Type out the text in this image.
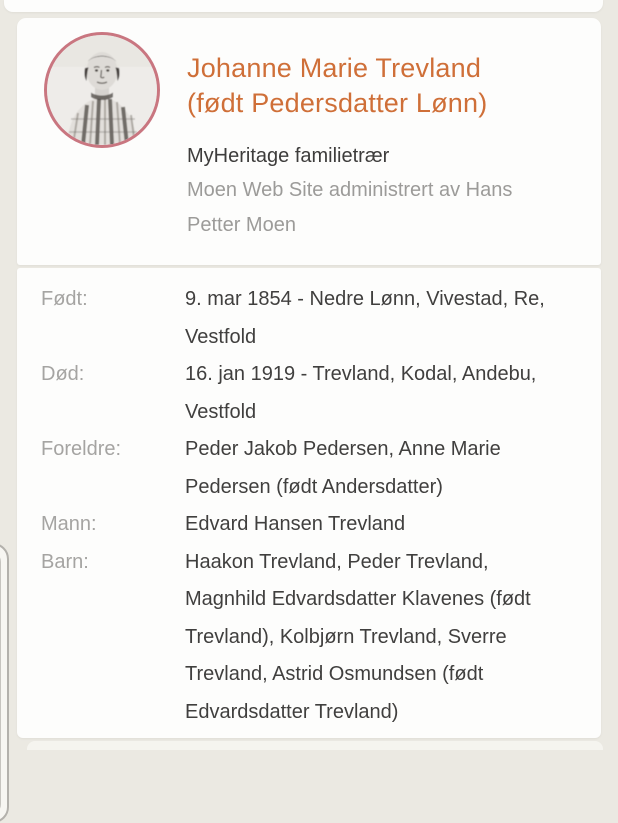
Johanne Marie Trevland (født Pedersdatter Lønn)
MyHeritage familietrær
Moen Web Site administrert av Hans Petter Moen
Født:	9. mar 1854 - Nedre Lønn, Vivestad, Re, Vestfold
Død:	16. jan 1919 - Trevland, Kodal, Andebu, Vestfold
Foreldre:	Peder Jakob Pedersen, Anne Marie Pedersen (født Andersdatter)
Mann:	Edvard Hansen Trevland
Barn:	Haakon Trevland, Peder Trevland, Magnhild Edvardsdatter Klavenes (født Trevland), Kolbjørn Trevland, Sverre Trevland, Astrid Osmundsen (født Edvardsdatter Trevland)
